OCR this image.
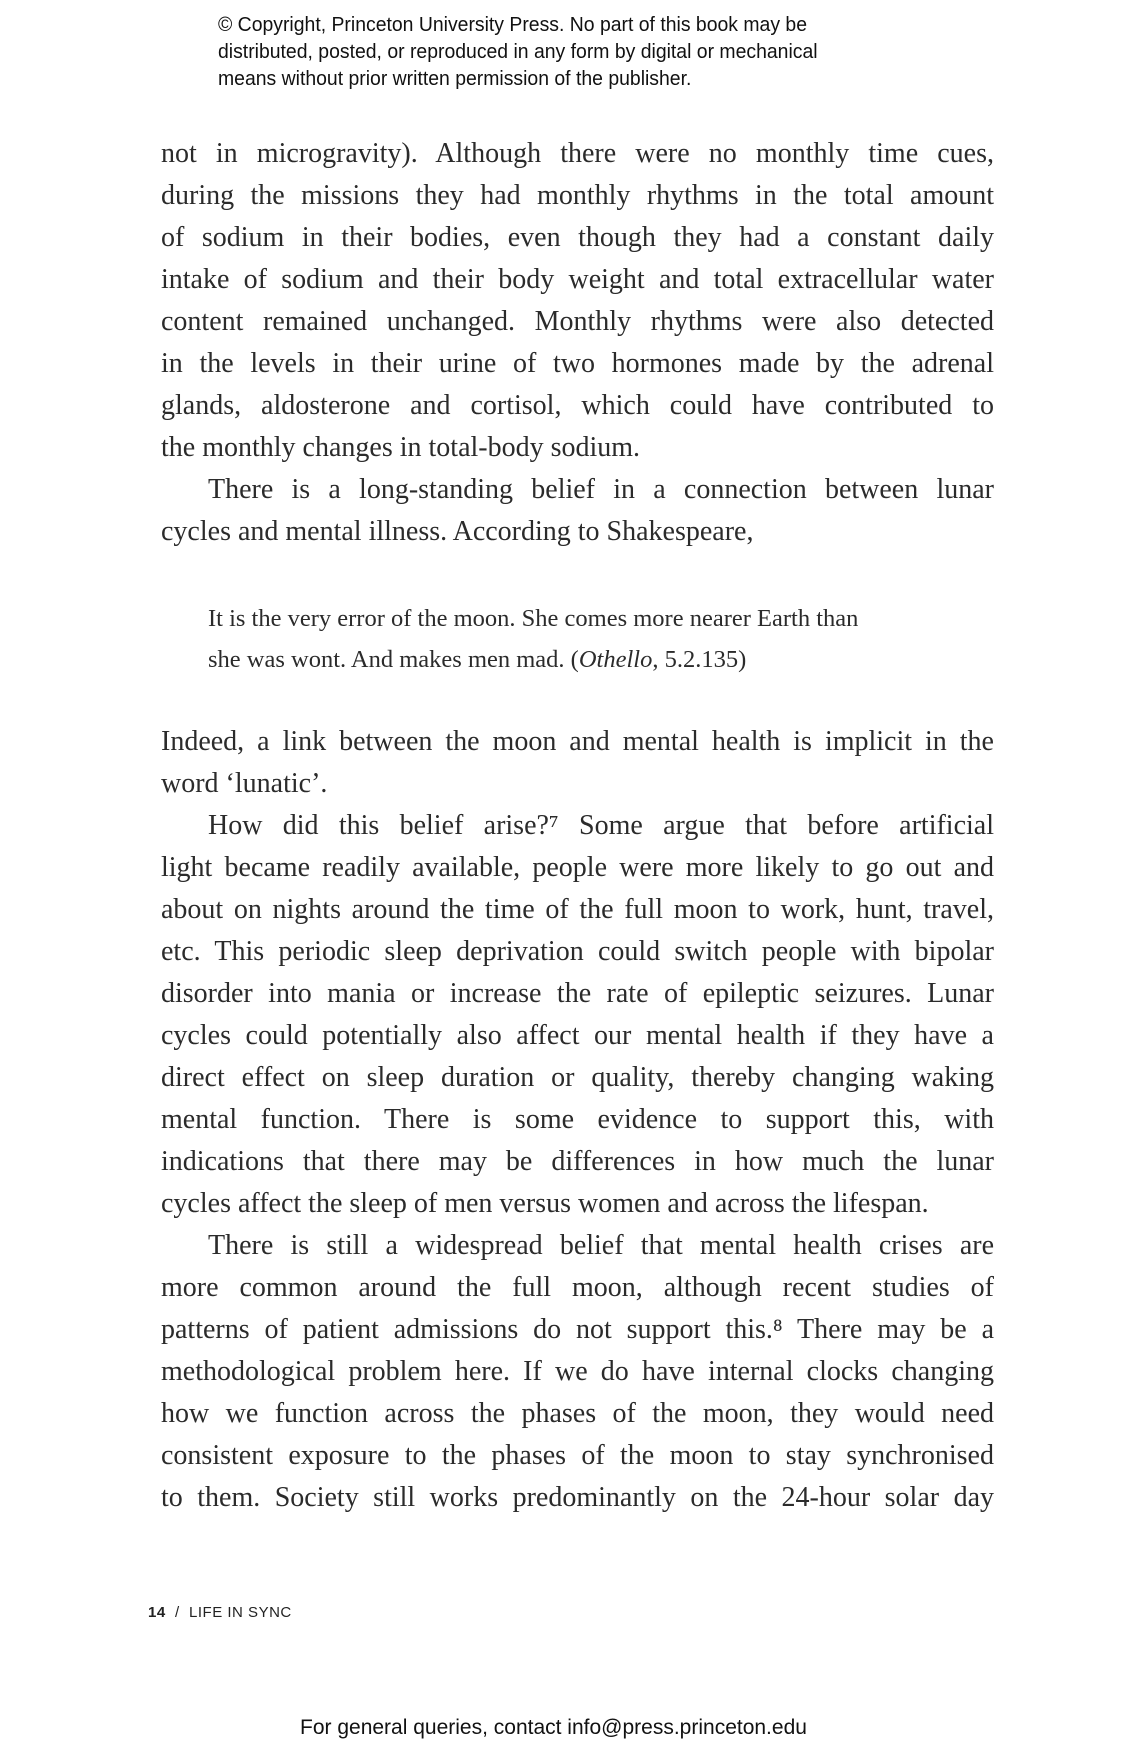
© Copyright, Princeton University Press. No part of this book may be
distributed, posted, or reproduced in any form by digital or mechanical
means without prior written permission of the publisher.
not in microgravity). Although there were no monthly time cues,
during the missions they had monthly rhythms in the total amount
of sodium in their bodies, even though they had a constant daily
intake of sodium and their body weight and total extracellular water
content remained unchanged. Monthly rhythms were also detected
in the levels in their urine of two hormones made by the adrenal
glands, aldosterone and cortisol, which could have contributed to
the monthly changes in total-body sodium.
There is a long-standing belief in a connection between lunar
cycles and mental illness. According to Shakespeare,
It is the very error of the moon. She comes more nearer Earth than
she was wont. And makes men mad. (Othello, 5.2.135)
Indeed, a link between the moon and mental health is implicit in the
word ‘lunatic’.
How did this belief arise?⁷ Some argue that before artificial
light became readily available, people were more likely to go out and
about on nights around the time of the full moon to work, hunt, travel,
etc. This periodic sleep deprivation could switch people with bipolar
disorder into mania or increase the rate of epileptic seizures. Lunar
cycles could potentially also affect our mental health if they have a
direct effect on sleep duration or quality, thereby changing waking
mental function. There is some evidence to support this, with
indications that there may be differences in how much the lunar
cycles affect the sleep of men versus women and across the lifespan.
There is still a widespread belief that mental health crises are
more common around the full moon, although recent studies of
patterns of patient admissions do not support this.⁸ There may be a
methodological problem here. If we do have internal clocks changing
how we function across the phases of the moon, they would need
consistent exposure to the phases of the moon to stay synchronised
to them. Society still works predominantly on the 24-hour solar day
14 / LIFE IN SYNC
For general queries, contact info@press.princeton.edu
